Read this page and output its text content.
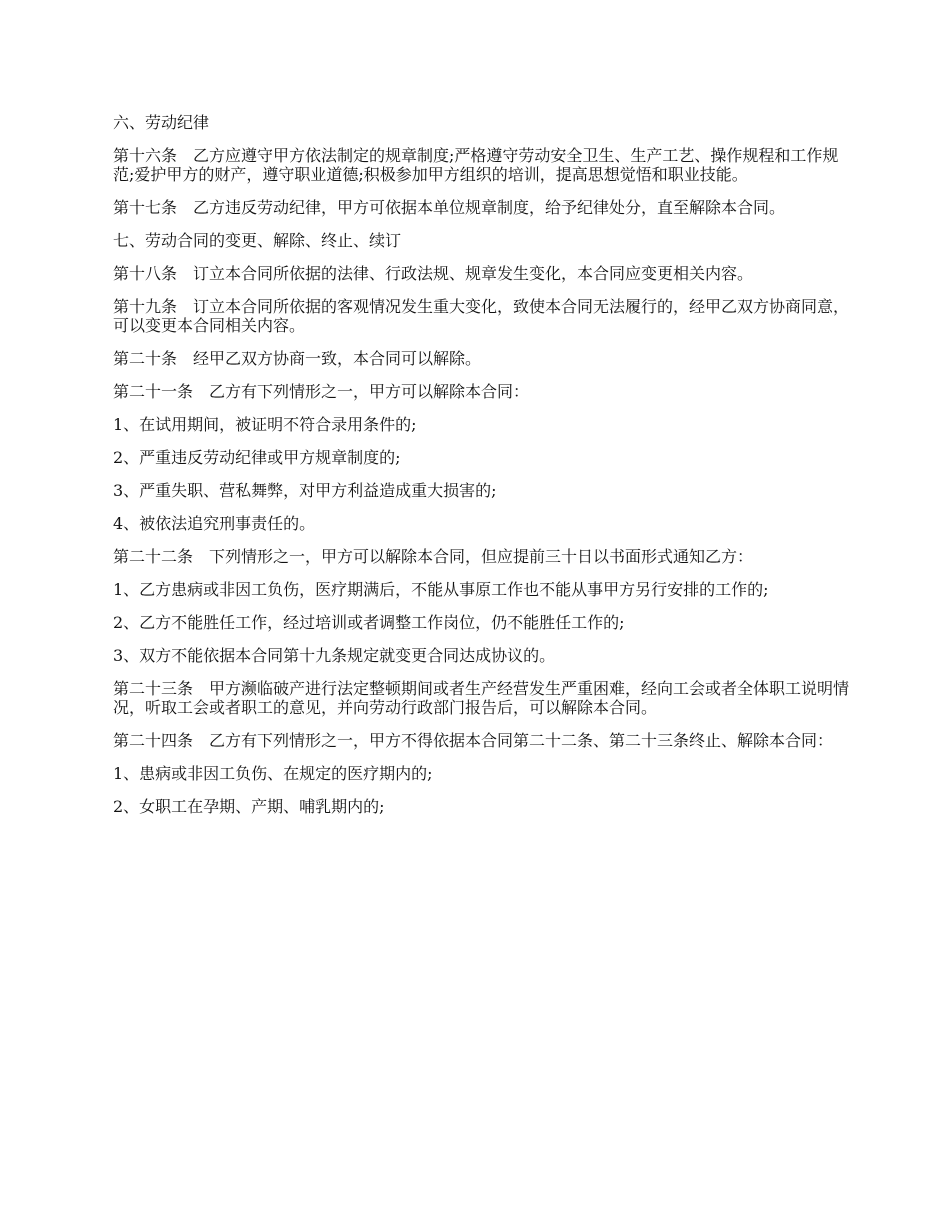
六、劳动纪律

第十六条　乙方应遵守甲方依法制定的规章制度;严格遵守劳动安全卫生、生产工艺、操作规程和工作规范;爱护甲方的财产，遵守职业道德;积极参加甲方组织的培训，提高思想觉悟和职业技能。

第十七条　乙方违反劳动纪律，甲方可依据本单位规章制度，给予纪律处分，直至解除本合同。

七、劳动合同的变更、解除、终止、续订

第十八条　订立本合同所依据的法律、行政法规、规章发生变化，本合同应变更相关内容。

第十九条　订立本合同所依据的客观情况发生重大变化，致使本合同无法履行的，经甲乙双方协商同意，可以变更本合同相关内容。

第二十条　经甲乙双方协商一致，本合同可以解除。

第二十一条　乙方有下列情形之一，甲方可以解除本合同：

1、在试用期间，被证明不符合录用条件的;

2、严重违反劳动纪律或甲方规章制度的;

3、严重失职、营私舞弊，对甲方利益造成重大损害的;

4、被依法追究刑事责任的。

第二十二条　下列情形之一，甲方可以解除本合同，但应提前三十日以书面形式通知乙方：

1、乙方患病或非因工负伤，医疗期满后，不能从事原工作也不能从事甲方另行安排的工作的;

2、乙方不能胜任工作，经过培训或者调整工作岗位，仍不能胜任工作的;

3、双方不能依据本合同第十九条规定就变更合同达成协议的。

第二十三条　甲方濒临破产进行法定整顿期间或者生产经营发生严重困难，经向工会或者全体职工说明情况，听取工会或者职工的意见，并向劳动行政部门报告后，可以解除本合同。

第二十四条　乙方有下列情形之一，甲方不得依据本合同第二十二条、第二十三条终止、解除本合同：

1、患病或非因工负伤、在规定的医疗期内的;

2、女职工在孕期、产期、哺乳期内的;
